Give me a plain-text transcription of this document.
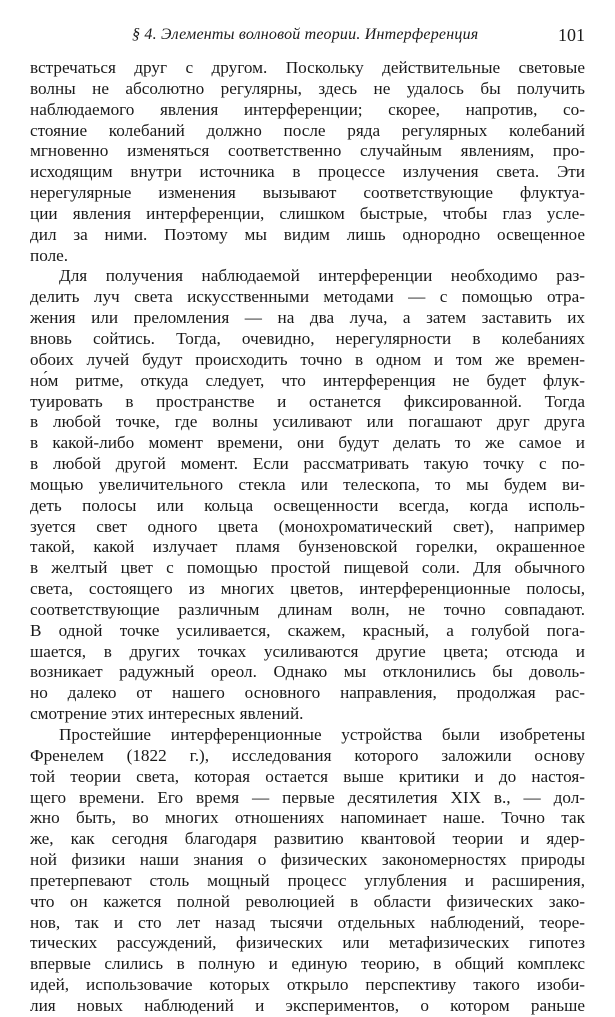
§ 4. Элементы волновой теории. Интерференция	101
встречаться друг с другом. Поскольку действительные световые
волны не абсолютно регулярны, здесь не удалось бы получить
наблюдаемого явления интерференции; скорее, напротив, со-
стояние колебаний должно после ряда регулярных колебаний
мгновенно изменяться соответственно случайным явлениям, про-
исходящим внутри источника в процессе излучения света. Эти
нерегулярные изменения вызывают соответствующие флуктуа-
ции явления интерференции, слишком быстрые, чтобы глаз усле-
дил за ними. Поэтому мы видим лишь однородно освещенное
поле.
Для получения наблюдаемой интерференции необходимо раз-
делить луч света искусственными методами — с помощью отра-
жения или преломления — на два луча, а затем заставить их
вновь сойтись. Тогда, очевидно, нерегулярности в колебаниях
обоих лучей будут происходить точно в одном и том же времен-
но́м ритме, откуда следует, что интерференция не будет флук-
туировать в пространстве и останется фиксированной. Тогда
в любой точке, где волны усиливают или погашают друг друга
в какой-либо момент времени, они будут делать то же самое и
в любой другой момент. Если рассматривать такую точку с по-
мощью увеличительного стекла или телескопа, то мы будем ви-
деть полосы или кольца освещенности всегда, когда исполь-
зуется свет одного цвета (монохроматический свет), например
такой, какой излучает пламя бунзеновской горелки, окрашенное
в желтый цвет с помощью простой пищевой соли. Для обычного
света, состоящего из многих цветов, интерференционные полосы,
соответствующие различным длинам волн, не точно совпадают.
В одной точке усиливается, скажем, красный, а голубой пога-
шается, в других точках усиливаются другие цвета; отсюда и
возникает радужный ореол. Однако мы отклонились бы доволь-
но далеко от нашего основного направления, продолжая рас-
смотрение этих интересных явлений.
Простейшие интерференционные устройства были изобретены
Френелем (1822 г.), исследования которого заложили основу
той теории света, которая остается выше критики и до настоя-
щего времени. Его время — первые десятилетия XIX в., — дол-
жно быть, во многих отношениях напоминает наше. Точно так
же, как сегодня благодаря развитию квантовой теории и ядер-
ной физики наши знания о физических закономерностях природы
претерпевают столь мощный процесс углубления и расширения,
что он кажется полной революцией в области физических зако-
нов, так и сто лет назад тысячи отдельных наблюдений, теоре-
тических рассуждений, физических или метафизических гипотез
впервые слились в полную и единую теорию, в общий комплекс
идей, использовачие которых открыло перспективу такого изоби-
лия новых наблюдений и экспериментов, о котором раньше
